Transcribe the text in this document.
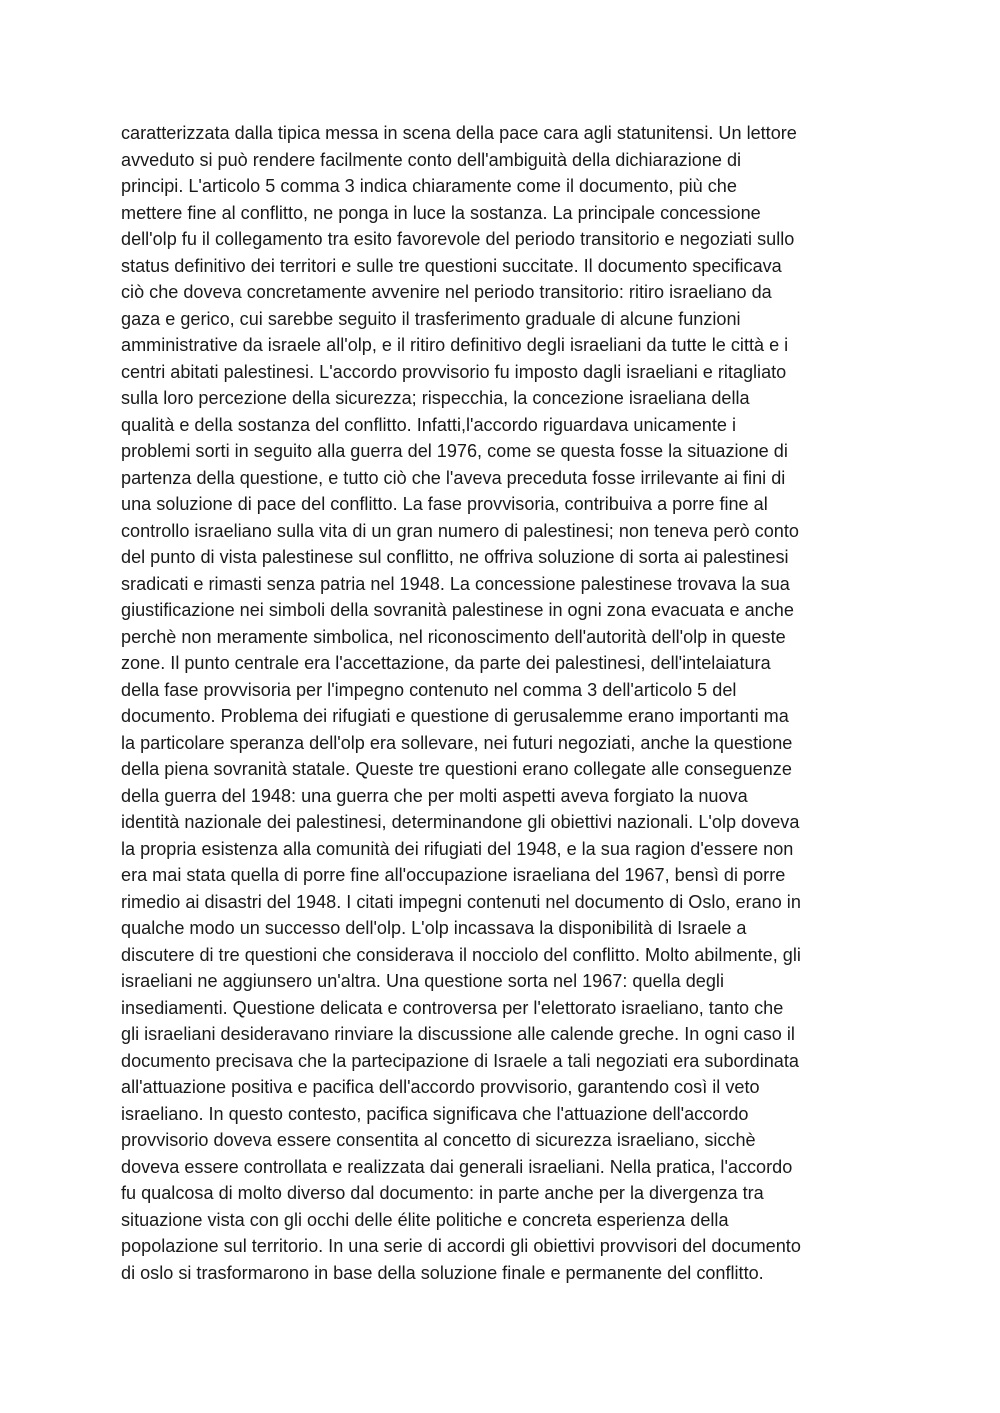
caratterizzata dalla tipica messa in scena della pace cara agli statunitensi. Un lettore
avveduto si può rendere facilmente conto dell'ambiguità della dichiarazione di
principi. L'articolo 5 comma 3 indica chiaramente come il documento, più che
mettere fine al conflitto, ne ponga in luce la sostanza. La principale concessione
dell'olp fu il collegamento tra esito favorevole del periodo transitorio e negoziati sullo
status definitivo dei territori e sulle tre questioni succitate. Il documento specificava
ciò che doveva concretamente avvenire nel periodo transitorio: ritiro israeliano da
gaza e gerico, cui sarebbe seguito il trasferimento graduale di alcune funzioni
amministrative da israele all'olp, e il ritiro definitivo degli israeliani da tutte le città e i
centri abitati palestinesi. L'accordo provvisorio fu imposto dagli israeliani e ritagliato
sulla loro percezione della sicurezza; rispecchia, la concezione israeliana della
qualità e della sostanza del conflitto. Infatti,l'accordo riguardava unicamente i
problemi sorti in seguito alla guerra del 1976, come se questa fosse la situazione di
partenza della questione, e tutto ciò che l'aveva preceduta fosse irrilevante ai fini di
una soluzione di pace del conflitto. La fase provvisoria, contribuiva a porre fine al
controllo israeliano sulla vita di un gran numero di palestinesi; non teneva però conto
del punto di vista palestinese sul conflitto, ne offriva soluzione di sorta ai palestinesi
sradicati e rimasti senza patria nel 1948. La concessione palestinese trovava la sua
giustificazione nei simboli della sovranità palestinese in ogni zona evacuata e anche
perchè non meramente simbolica, nel riconoscimento dell'autorità dell'olp in queste
zone. Il punto centrale era l'accettazione, da parte dei palestinesi, dell'intelaiatura
della fase provvisoria per l'impegno contenuto nel comma 3 dell'articolo 5 del
documento. Problema dei rifugiati e questione di gerusalemme erano importanti ma
la particolare speranza dell'olp era sollevare, nei futuri negoziati, anche la questione
della piena sovranità statale. Queste tre questioni erano collegate alle conseguenze
della guerra del 1948: una guerra che per molti aspetti aveva forgiato la nuova
identità nazionale dei palestinesi, determinandone gli obiettivi nazionali. L'olp doveva
la propria esistenza alla comunità dei rifugiati del 1948, e la sua ragion d'essere non
era mai stata quella di porre fine all'occupazione israeliana del 1967, bensì di porre
rimedio ai disastri del 1948. I citati impegni contenuti nel documento di Oslo, erano in
qualche modo un successo dell'olp. L'olp incassava la disponibilità di Israele a
discutere di tre questioni che considerava il nocciolo del conflitto. Molto abilmente, gli
israeliani ne aggiunsero un'altra. Una questione sorta nel 1967: quella degli
insediamenti. Questione delicata e controversa per l'elettorato israeliano, tanto che
gli israeliani desideravano rinviare la discussione alle calende greche. In ogni caso il
documento precisava che la partecipazione di Israele a tali negoziati era subordinata
all'attuazione positiva e pacifica dell'accordo provvisorio, garantendo così il veto
israeliano. In questo contesto, pacifica significava che l'attuazione dell'accordo
provvisorio doveva essere consentita al concetto di sicurezza israeliano, sicchè
doveva essere controllata e realizzata dai generali israeliani. Nella pratica, l'accordo
fu qualcosa di molto diverso dal documento: in parte anche per la divergenza tra
situazione vista con gli occhi delle élite politiche e concreta esperienza della
popolazione sul territorio. In una serie di accordi gli obiettivi provvisori del documento
di oslo si trasformarono in base della soluzione finale e permanente del conflitto.
